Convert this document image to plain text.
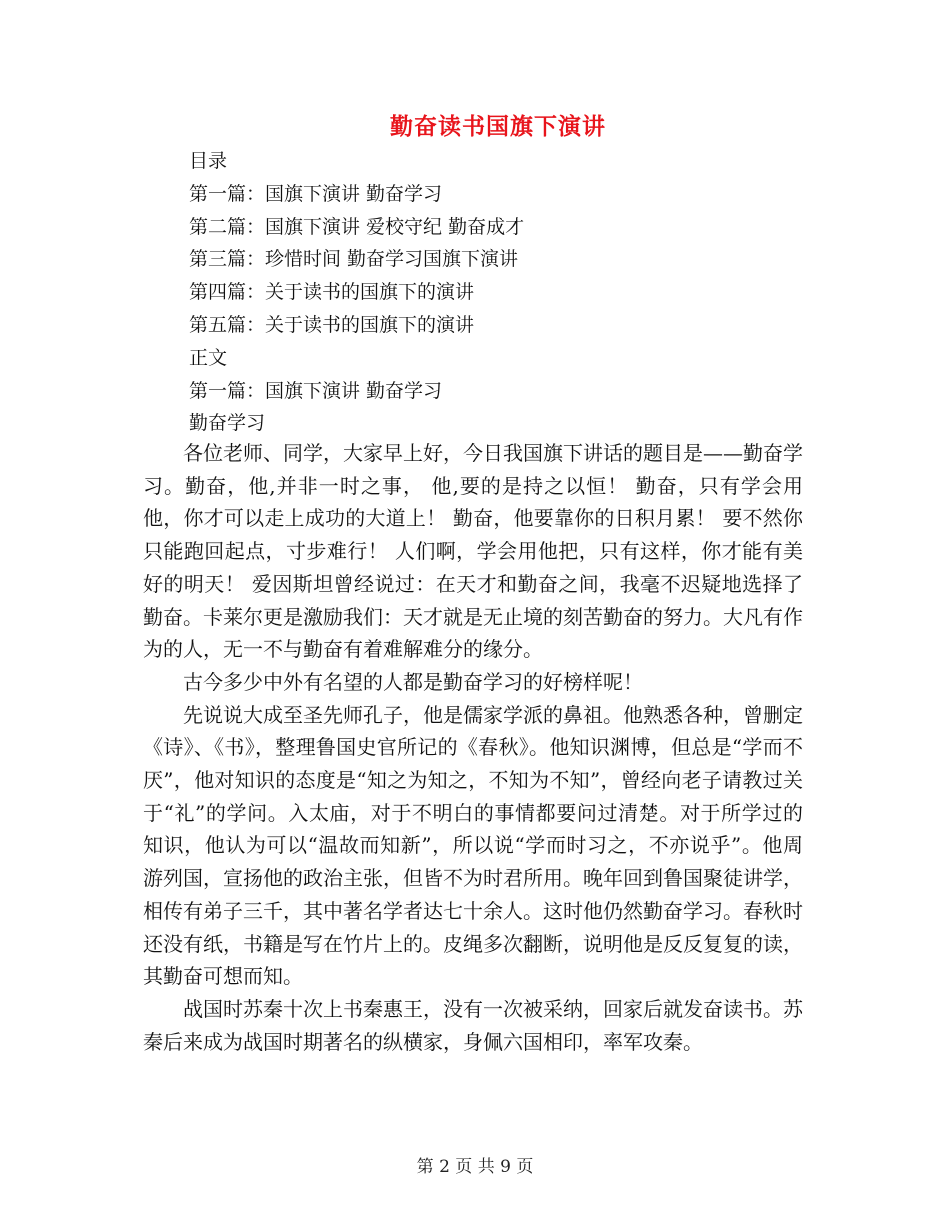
勤奋读书国旗下演讲
目录
第一篇：国旗下演讲 勤奋学习
第二篇：国旗下演讲 爱校守纪 勤奋成才
第三篇：珍惜时间 勤奋学习国旗下演讲
第四篇：关于读书的国旗下的演讲
第五篇：关于读书的国旗下的演讲
正文
第一篇：国旗下演讲 勤奋学习
勤奋学习

各位老师、同学，大家早上好，今日我国旗下讲话的题目是——勤奋学习。勤奋，他,并非一时之事， 他,要的是持之以恒！ 勤奋，只有学会用他，你才可以走上成功的大道上！ 勤奋，他要靠你的日积月累！ 要不然你只能跑回起点，寸步难行！ 人们啊，学会用他把，只有这样，你才能有美好的明天！ 爱因斯坦曾经说过：在天才和勤奋之间，我毫不迟疑地选择了勤奋。卡莱尔更是激励我们：天才就是无止境的刻苦勤奋的努力。大凡有作为的人，无一不与勤奋有着难解难分的缘分。

古今多少中外有名望的人都是勤奋学习的好榜样呢！

先说说大成至圣先师孔子，他是儒家学派的鼻祖。他熟悉各种，曾删定《诗》、《书》，整理鲁国史官所记的《春秋》。他知识渊博，但总是“学而不厌”，他对知识的态度是“知之为知之，不知为不知”，曾经向老子请教过关于“礼”的学问。入太庙，对于不明白的事情都要问过清楚。对于所学过的知识，他认为可以“温故而知新”，所以说“学而时习之，不亦说乎”。他周游列国，宣扬他的政治主张，但皆不为时君所用。晚年回到鲁国聚徒讲学，相传有弟子三千，其中著名学者达七十余人。这时他仍然勤奋学习。春秋时还没有纸，书籍是写在竹片上的。皮绳多次翻断，说明他是反反复复的读，其勤奋可想而知。

战国时苏秦十次上书秦惠王，没有一次被采纳，回家后就发奋读书。苏秦后来成为战国时期著名的纵横家，身佩六国相印，率军攻秦。

第 2 页 共 9 页
